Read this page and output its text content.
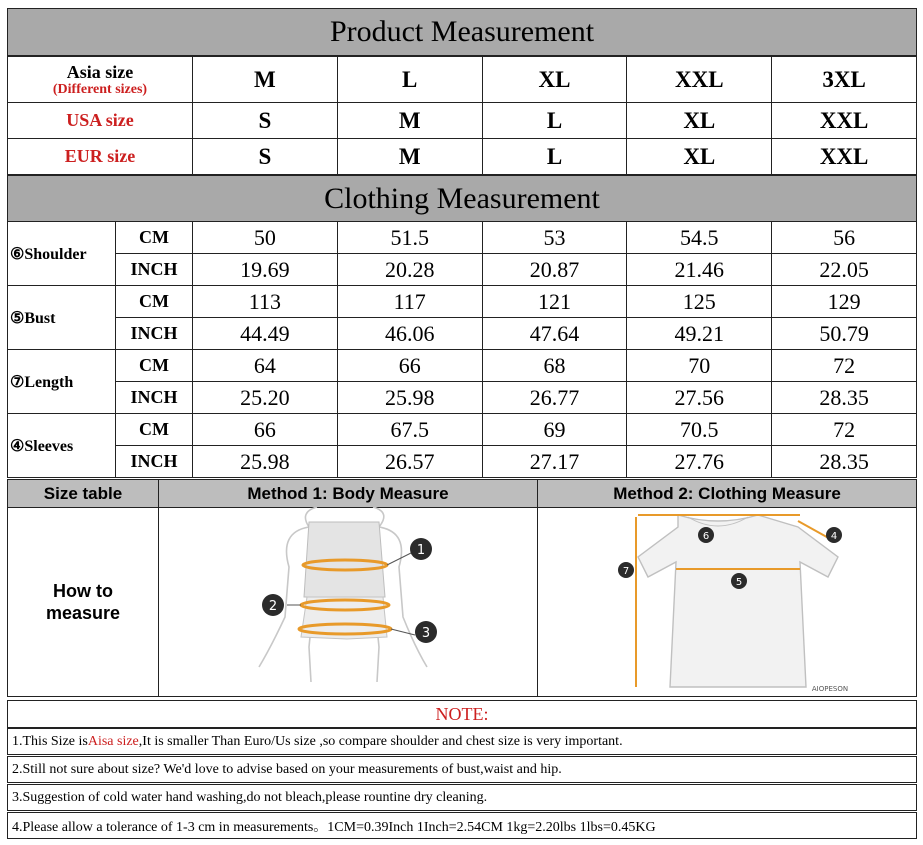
Product Measurement
Asia size
(Different sizes)	M	L	XL	XXL	3XL
USA size	S	M	L	XL	XXL
EUR size	S	M	L	XL	XXL
Clothing Measurement
⑥Shoulder	CM	50	51.5	53	54.5	56
	INCH	19.69	20.28	20.87	21.46	22.05
⑤Bust	CM	113	117	121	125	129
	INCH	44.49	46.06	47.64	49.21	50.79
⑦Length	CM	64	66	68	70	72
	INCH	25.20	25.98	26.77	27.56	28.35
④Sleeves	CM	66	67.5	69	70.5	72
	INCH	25.98	26.57	27.17	27.76	28.35
Size table
How to measure
Method 1: Body Measure
1
2
3
Method 2: Clothing Measure
6	4
7
5
AIOPESON
NOTE:
1.This Size is Aisa size ,It is smaller Than Euro/Us size ,so compare shoulder and chest size is very important.
2.Still not sure about size? We'd love to advise based on your measurements of bust,waist and hip.
3.Suggestion of cold water hand washing,do not bleach,please rountine dry cleaning.
4.Please allow a tolerance of 1-3 cm in measurements。1CM=0.39Inch 1Inch=2.54CM 1kg=2.20lbs 1lbs=0.45KG
